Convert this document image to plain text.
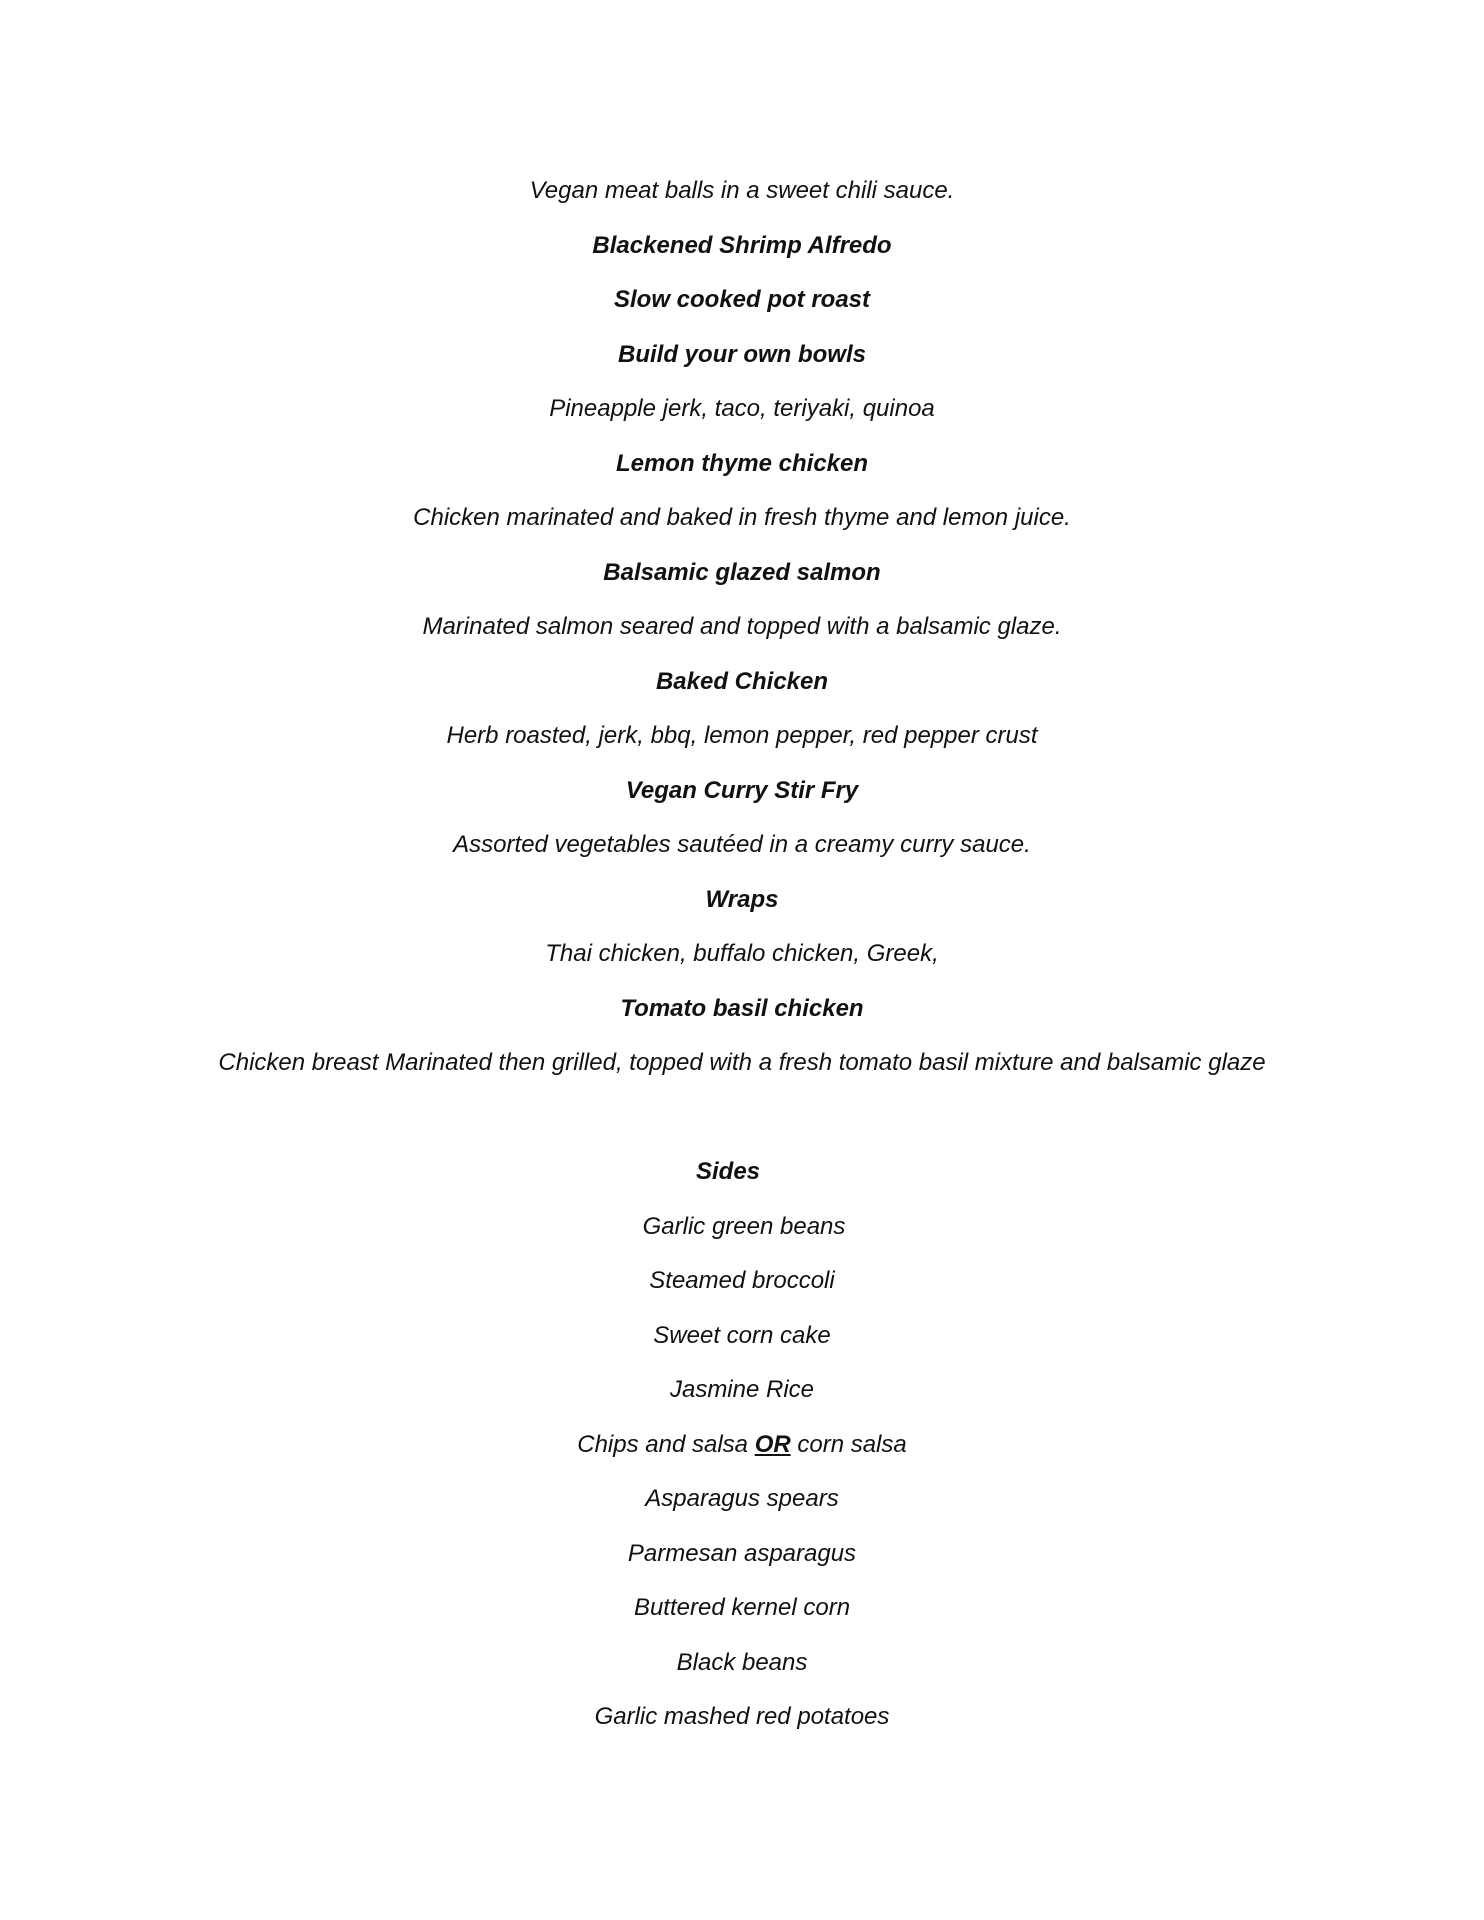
Vegan meat balls in a sweet chili sauce.
Blackened Shrimp Alfredo
Slow cooked pot roast
Build your own bowls
Pineapple jerk, taco, teriyaki, quinoa
Lemon thyme chicken
Chicken marinated and baked in fresh thyme and lemon juice.
Balsamic glazed salmon
Marinated salmon seared and topped with a balsamic glaze.
Baked Chicken
Herb roasted, jerk, bbq, lemon pepper, red pepper crust
Vegan Curry Stir Fry
Assorted vegetables sautéed in a creamy curry sauce.
Wraps
Thai chicken, buffalo chicken, Greek,
Tomato basil chicken
Chicken breast Marinated then grilled, topped with a fresh tomato basil mixture and balsamic glaze
Sides
Garlic green beans
Steamed broccoli
Sweet corn cake
Jasmine Rice
Chips and salsa OR corn salsa
Asparagus spears
Parmesan asparagus
Buttered kernel corn
Black beans
Garlic mashed red potatoes
